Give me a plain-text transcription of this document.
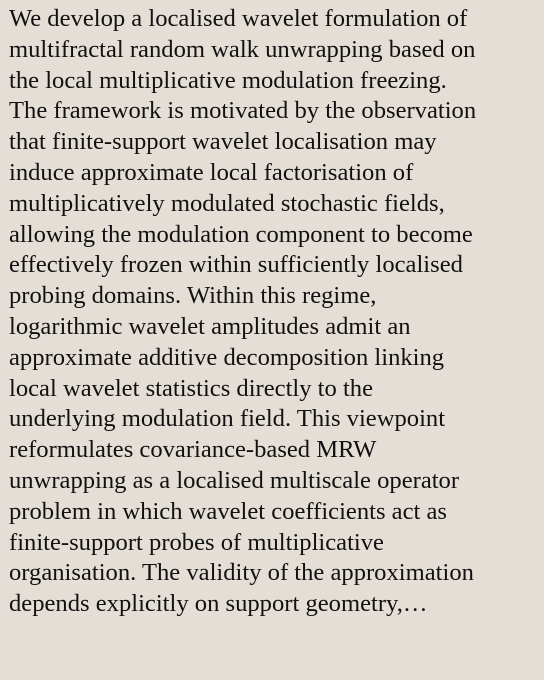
We develop a localised wavelet formulation of
multifractal random walk unwrapping based on
the local multiplicative modulation freezing.
The framework is motivated by the observation
that finite-support wavelet localisation may
induce approximate local factorisation of
multiplicatively modulated stochastic fields,
allowing the modulation component to become
effectively frozen within sufficiently localised
probing domains. Within this regime,
logarithmic wavelet amplitudes admit an
approximate additive decomposition linking
local wavelet statistics directly to the
underlying modulation field. This viewpoint
reformulates covariance-based MRW
unwrapping as a localised multiscale operator
problem in which wavelet coefficients act as
finite-support probes of multiplicative
organisation. The validity of the approximation
depends explicitly on support geometry,…
